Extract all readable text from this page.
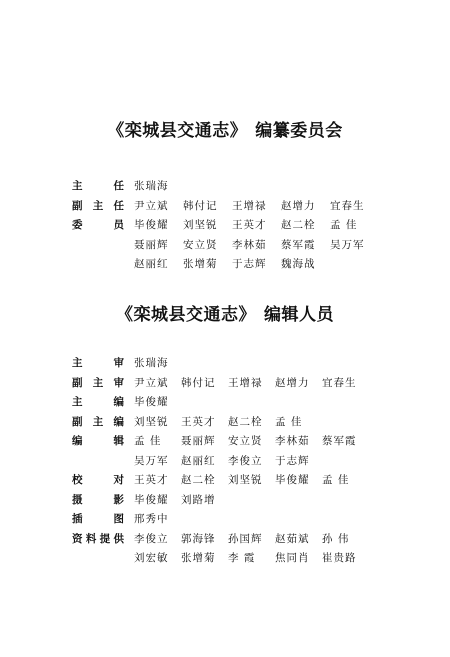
《栾城县交通志》 编纂委员会
主	任 张瑞海
副 主 任 尹立斌 韩付记 王增禄 赵增力 宜春生
委	员 毕俊耀 刘坚锐 王英才 赵二栓 孟 佳
聂丽辉 安立贤 李林茹 蔡军霞 吴万军
赵丽红 张增菊 于志辉 魏海战
《栾城县交通志》 编辑人员
主	审 张瑞海
副 主 审 尹立斌 韩付记 王增禄 赵增力 宜春生
主	编 毕俊耀
副 主 编 刘坚锐 王英才 赵二栓 孟 佳
编	辑 孟 佳 聂丽辉 安立贤 李林茹 蔡军霞
吴万军 赵丽红 李俊立 于志辉
校	对 王英才 赵二栓 刘坚锐 毕俊耀 孟 佳
摄	影 毕俊耀 刘路增
插	图 邢秀中
资 料 提 供 李俊立 郭海锋 孙国辉 赵茹斌 孙 伟
刘宏敏 张增菊 李 霞 焦同肖 崔贵路
